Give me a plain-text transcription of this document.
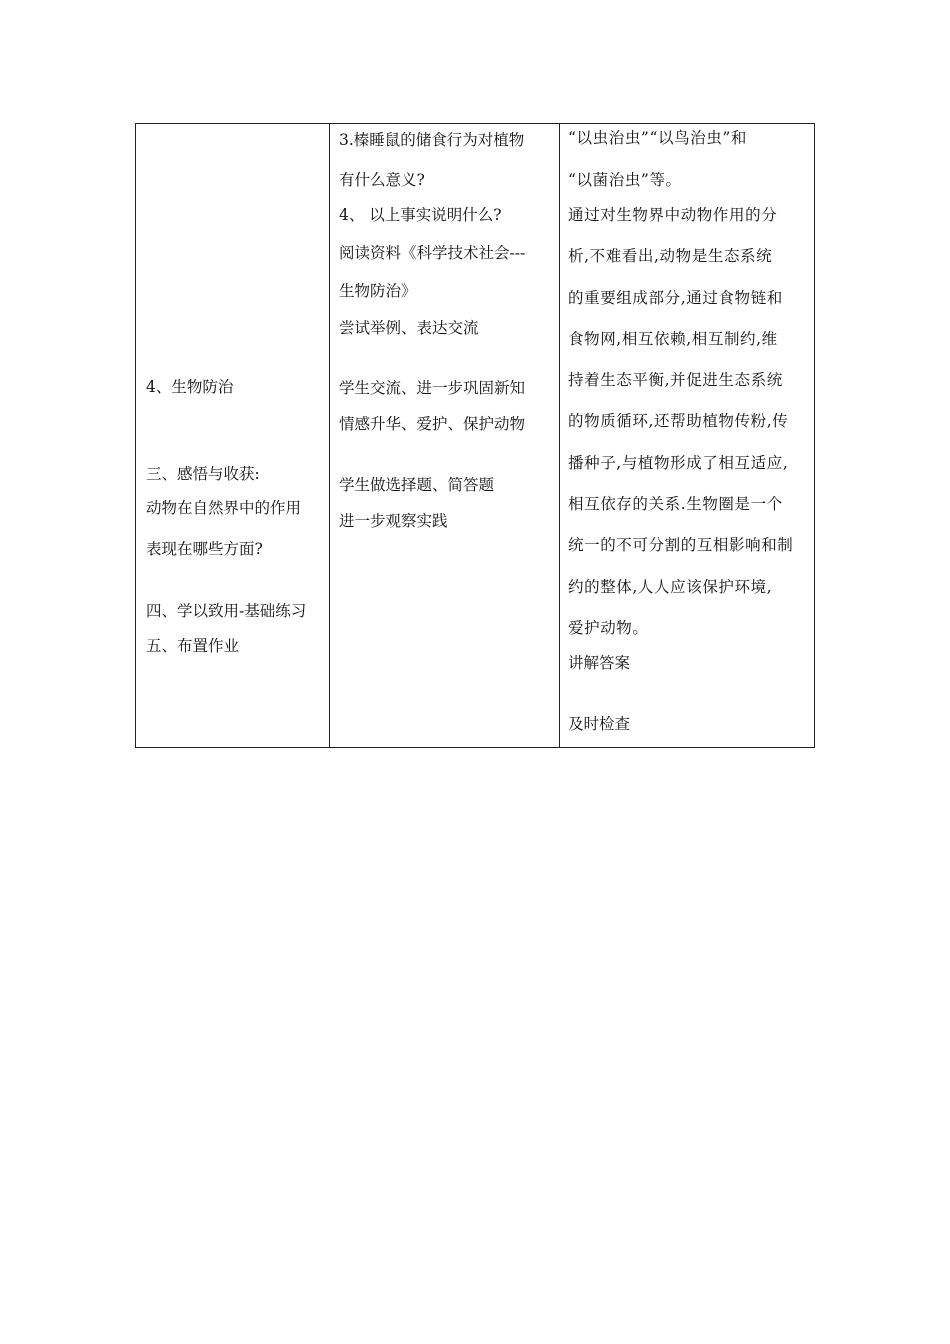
4、生物防治
三、感悟与收获:
动物在自然界中的作用
表现在哪些方面?
四、学以致用-基础练习
五、布置作业
3.榛睡鼠的储食行为对植物
有什么意义?
4、 以上事实说明什么?
阅读资料《科学技术社会---
生物防治》
尝试举例、表达交流
学生交流、进一步巩固新知
情感升华、爱护、保护动物
学生做选择题、简答题
进一步观察实践
“以虫治虫”“以鸟治虫”和
“以菌治虫”等。
通过对生物界中动物作用的分
析,不难看出,动物是生态系统
的重要组成部分,通过食物链和
食物网,相互依赖,相互制约,维
持着生态平衡,并促进生态系统
的物质循环,还帮助植物传粉,传
播种子,与植物形成了相互适应,
相互依存的关系.生物圈是一个
统一的不可分割的互相影响和制
约的整体,人人应该保护环境,
爱护动物。
讲解答案
及时检查
